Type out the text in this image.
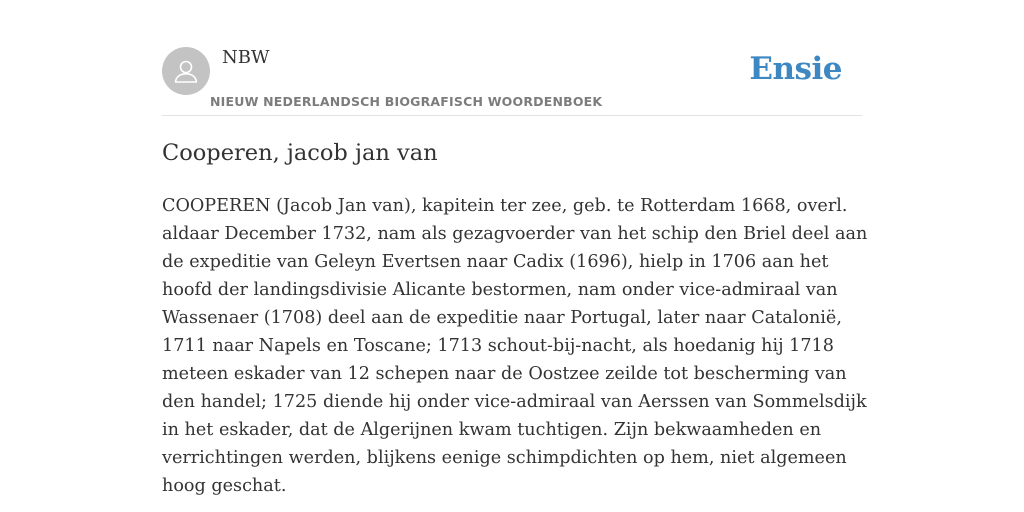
NBW
NIEUW NEDERLANDSCH BIOGRAFISCH WOORDENBOEK
Ensie
Cooperen, jacob jan van

COOPEREN (Jacob Jan van), kapitein ter zee, geb. te Rotterdam 1668, overl. aldaar December 1732, nam als gezagvoerder van het schip den Briel deel aan de expeditie van Geleyn Evertsen naar Cadix (1696), hielp in 1706 aan het hoofd der landingsdivisie Alicante bestormen, nam onder vice-admiraal van Wassenaer (1708) deel aan de expeditie naar Portugal, later naar Catalonië, 1711 naar Napels en Toscane; 1713 schout-bij-nacht, als hoedanig hij 1718 meteen eskader van 12 schepen naar de Oostzee zeilde tot bescherming van den handel; 1725 diende hij onder vice-admiraal van Aerssen van Sommelsdijk in het eskader, dat de Algerijnen kwam tuchtigen. Zijn bekwaamheden en verrichtingen werden, blijkens eenige schimpdichten op hem, niet algemeen hoog geschat.
